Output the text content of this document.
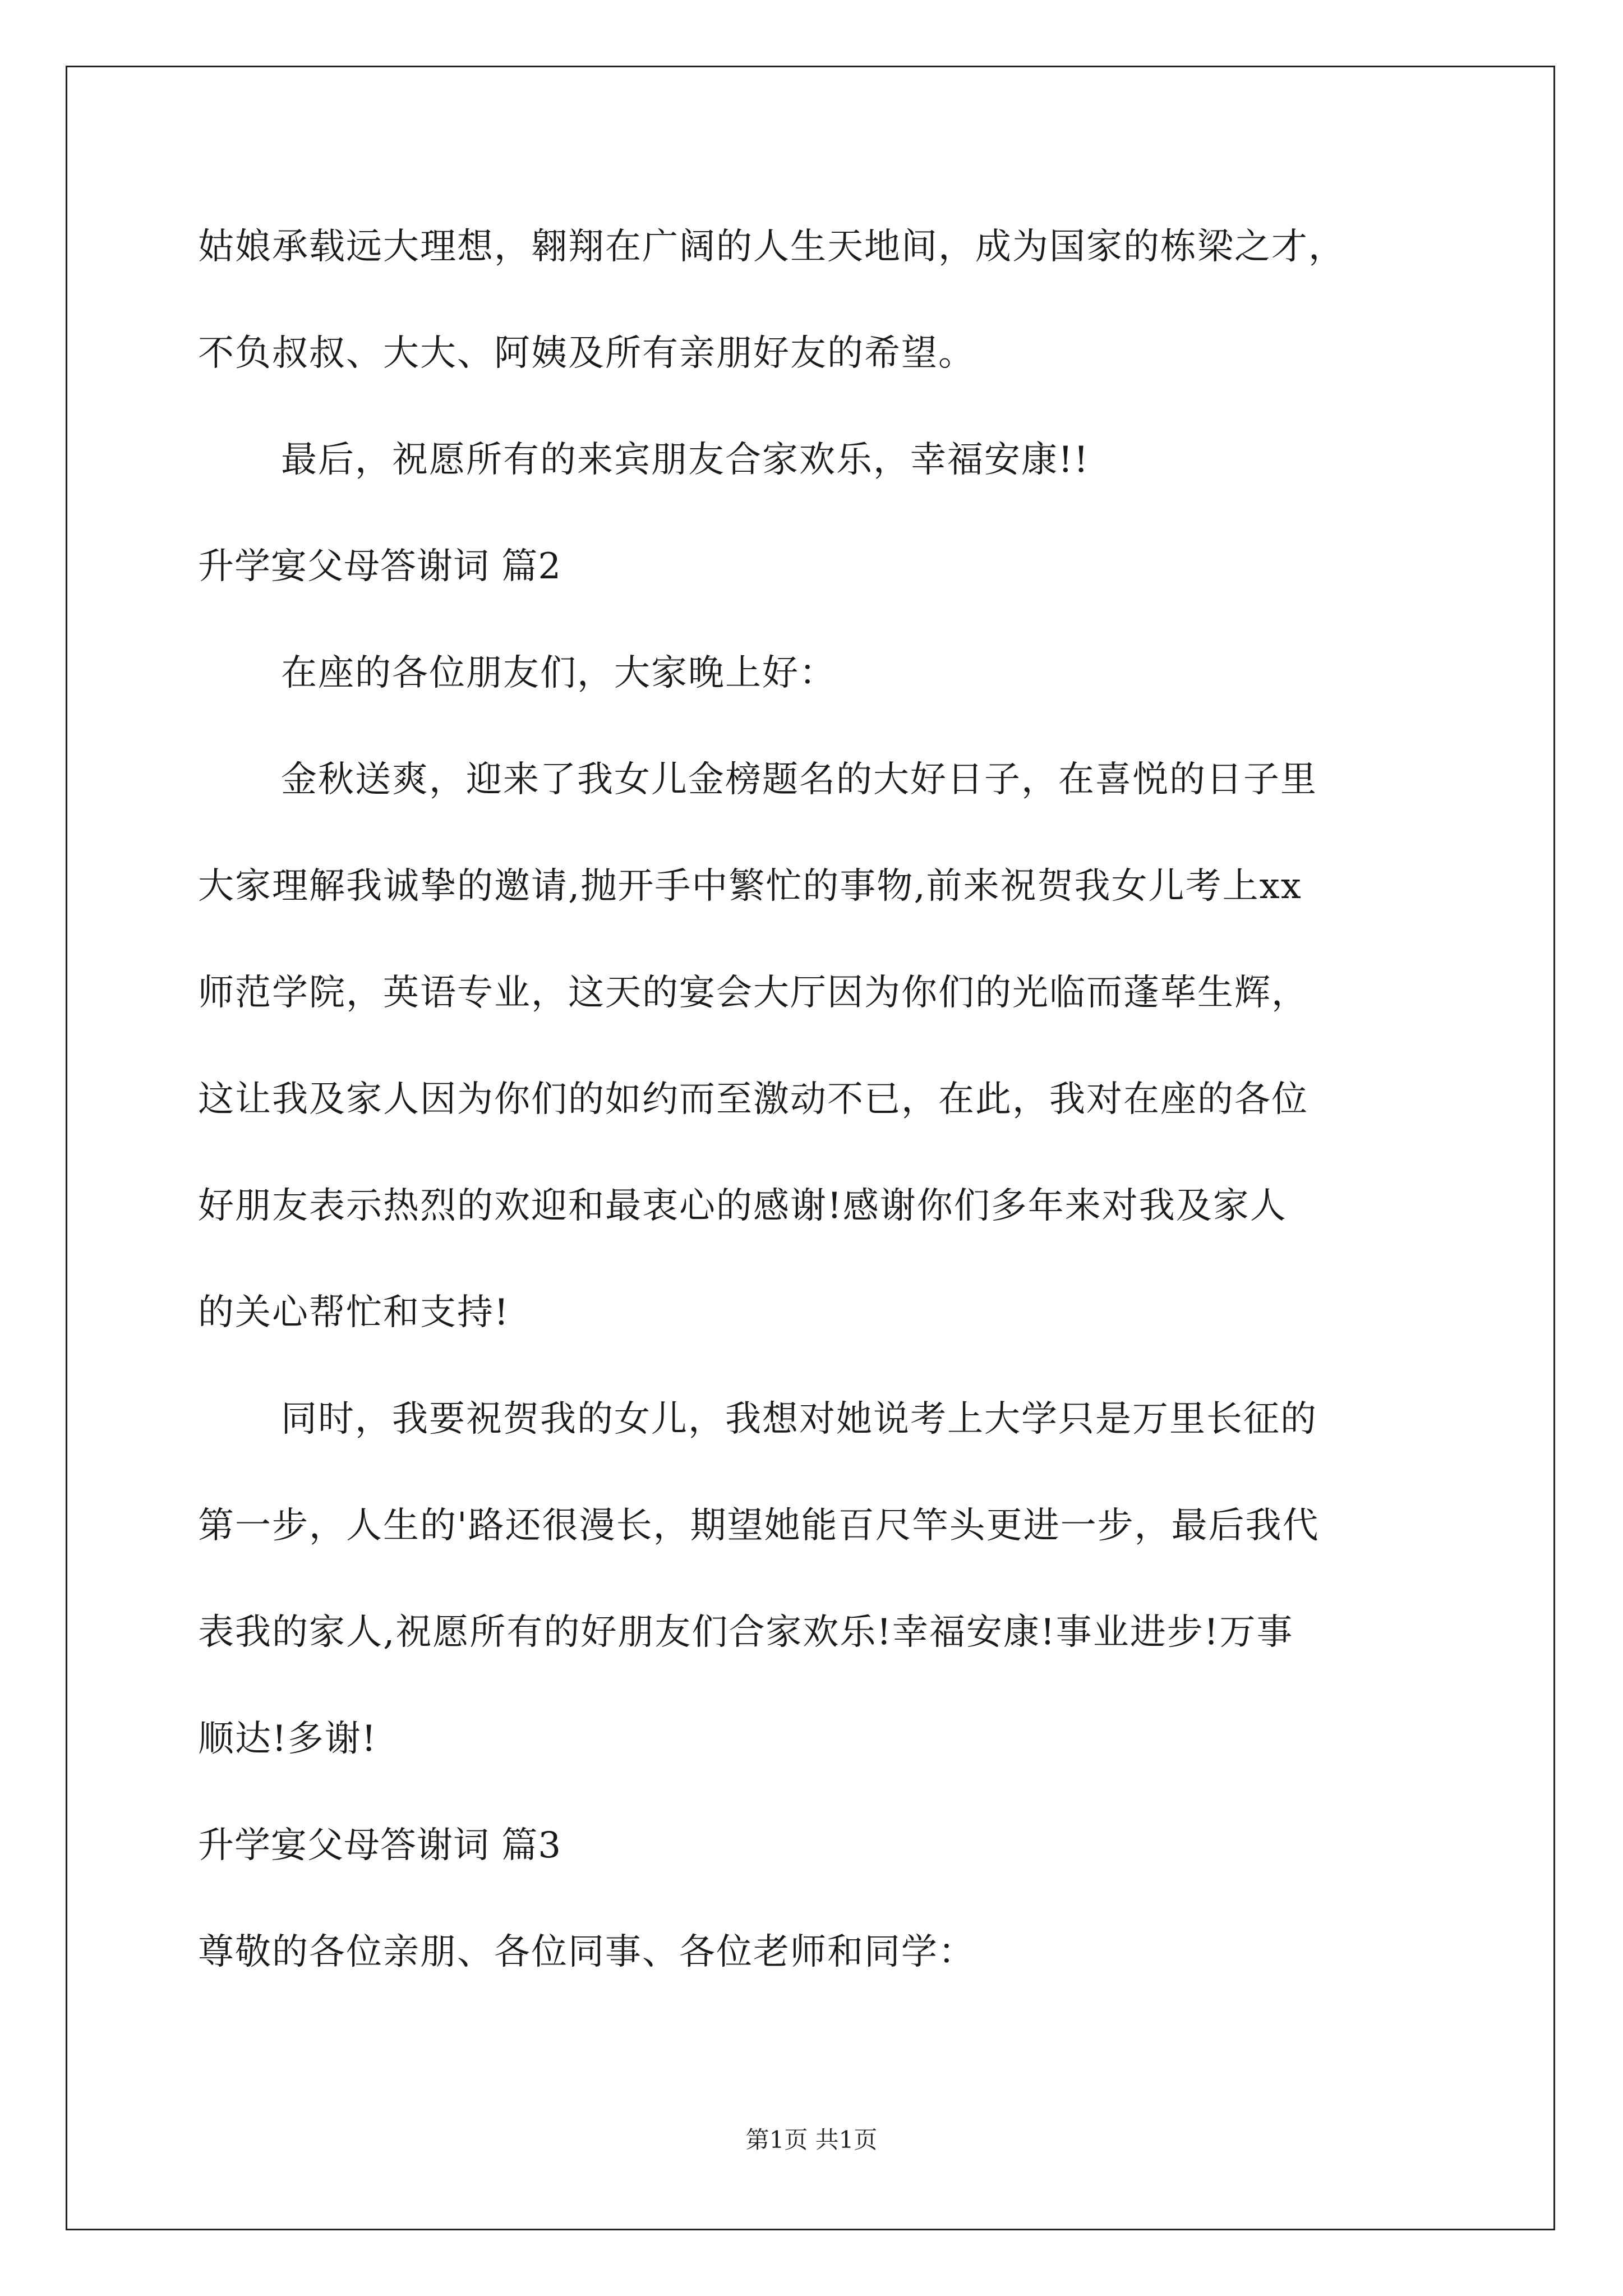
姑娘承载远大理想，翱翔在广阔的人生天地间，成为国家的栋梁之才，
不负叔叔、大大、阿姨及所有亲朋好友的希望。
最后，祝愿所有的来宾朋友合家欢乐，幸福安康!!
升学宴父母答谢词 篇2
在座的各位朋友们，大家晚上好：
金秋送爽，迎来了我女儿金榜题名的大好日子，在喜悦的日子里
大家理解我诚挚的邀请,抛开手中繁忙的事物,前来祝贺我女儿考上xx
师范学院，英语专业，这天的宴会大厅因为你们的光临而蓬荜生辉，
这让我及家人因为你们的如约而至激动不已，在此，我对在座的各位
好朋友表示热烈的欢迎和最衷心的感谢!感谢你们多年来对我及家人
的关心帮忙和支持!
同时，我要祝贺我的女儿，我想对她说考上大学只是万里长征的
第一步，人生的'路还很漫长，期望她能百尺竿头更进一步，最后我代
表我的家人,祝愿所有的好朋友们合家欢乐!幸福安康!事业进步!万事
顺达!多谢!
升学宴父母答谢词 篇3
尊敬的各位亲朋、各位同事、各位老师和同学：
第1页 共1页
